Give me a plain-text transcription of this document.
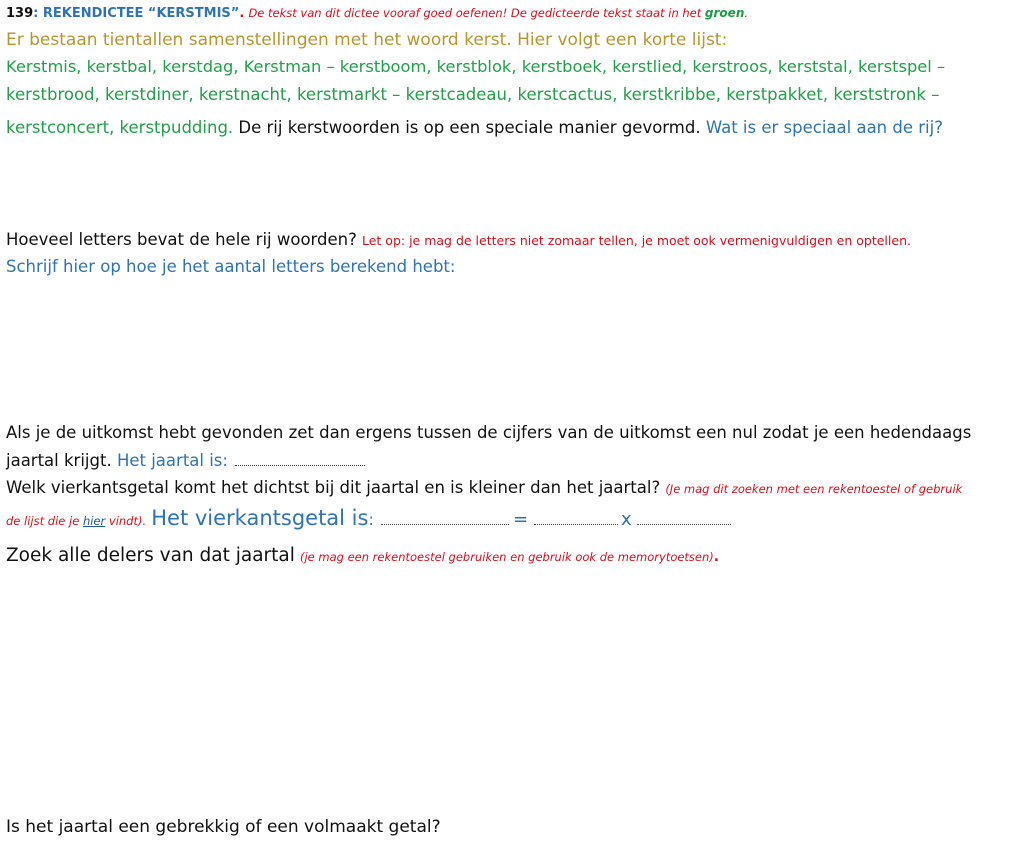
139: REKENDICTEE “KERSTMIS”. De tekst van dit dictee vooraf goed oefenen! De gedicteerde tekst staat in het groen.
Er bestaan tientallen samenstellingen met het woord kerst. Hier volgt een korte lijst:
Kerstmis, kerstbal, kerstdag, Kerstman – kerstboom, kerstblok, kerstboek, kerstlied, kerstroos, kerststal, kerstspel –
kerstbrood, kerstdiner, kerstnacht, kerstmarkt – kerstcadeau, kerstcactus, kerstkribbe, kerstpakket, kerststronk –
kerstconcert, kerstpudding. De rij kerstwoorden is op een speciale manier gevormd. Wat is er speciaal aan de rij?
Hoeveel letters bevat de hele rij woorden? Let op: je mag de letters niet zomaar tellen, je moet ook vermenigvuldigen en optellen.
Schrijf hier op hoe je het aantal letters berekend hebt:
Als je de uitkomst hebt gevonden zet dan ergens tussen de cijfers van de uitkomst een nul zodat je een hedendaags
jaartal krijgt. Het jaartal is:
Welk vierkantsgetal komt het dichtst bij dit jaartal en is kleiner dan het jaartal? (Je mag dit zoeken met een rekentoestel of gebruik
de lijst die je hier vindt). Het vierkantsgetal is:	=	x
Zoek alle delers van dat jaartal (je mag een rekentoestel gebruiken en gebruik ook de memorytoetsen).
Is het jaartal een gebrekkig of een volmaakt getal?
